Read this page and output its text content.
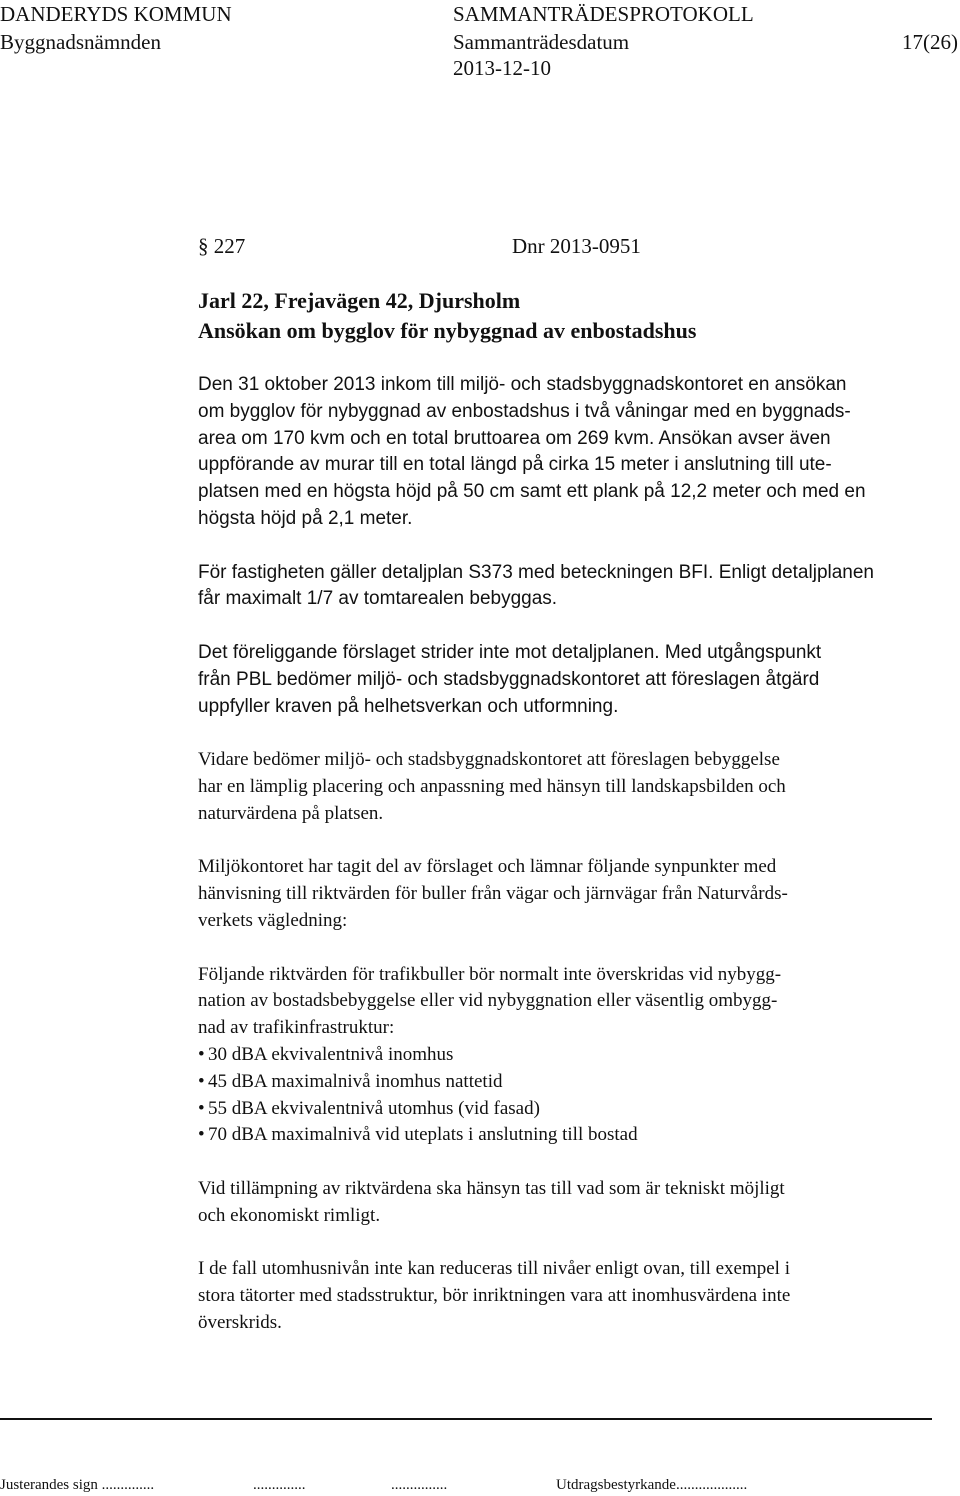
DANDERYDS KOMMUN
Byggnadsnämnden
SAMMANTRÄDESPROTOKOLL
Sammanträdesdatum
2013-12-10
17(26)
§ 227	Dnr 2013-0951
Jarl 22, Frejavägen 42, Djursholm
Ansökan om bygglov för nybyggnad av enbostadshus
Den 31 oktober 2013 inkom till miljö- och stadsbyggnadskontoret en ansökan
om bygglov för nybyggnad av enbostadshus i två våningar med en byggnads-
area om 170 kvm och en total bruttoarea om 269 kvm. Ansökan avser även
uppförande av murar till en total längd på cirka 15 meter i anslutning till ute-
platsen med en högsta höjd på 50 cm samt ett plank på 12,2 meter och med en
högsta höjd på 2,1 meter.
För fastigheten gäller detaljplan S373 med beteckningen BFI. Enligt detaljplanen
får maximalt 1/7 av tomtarealen bebyggas.
Det föreliggande förslaget strider inte mot detaljplanen. Med utgångspunkt
från PBL bedömer miljö- och stadsbyggnadskontoret att föreslagen åtgärd
uppfyller kraven på helhetsverkan och utformning.
Vidare bedömer miljö- och stadsbyggnadskontoret att föreslagen bebyggelse
har en lämplig placering och anpassning med hänsyn till landskapsbilden och
naturvärdena på platsen.
Miljökontoret har tagit del av förslaget och lämnar följande synpunkter med
hänvisning till riktvärden för buller från vägar och järnvägar från Naturvårds-
verkets vägledning:
Följande riktvärden för trafikbuller bör normalt inte överskridas vid nybygg-
nation av bostadsbebyggelse eller vid nybyggnation eller väsentlig ombygg-
nad av trafikinfrastruktur:
• 30 dBA ekvivalentnivå inomhus
• 45 dBA maximalnivå inomhus nattetid
• 55 dBA ekvivalentnivå utomhus (vid fasad)
• 70 dBA maximalnivå vid uteplats i anslutning till bostad
Vid tillämpning av riktvärdena ska hänsyn tas till vad som är tekniskt möjligt
och ekonomiskt rimligt.
I de fall utomhusnivån inte kan reduceras till nivåer enligt ovan, till exempel i
stora tätorter med stadsstruktur, bör inriktningen vara att inomhusvärdena inte
överskrids.
Justerandes sign ..............	..............	...............	Utdragsbestyrkande...................
